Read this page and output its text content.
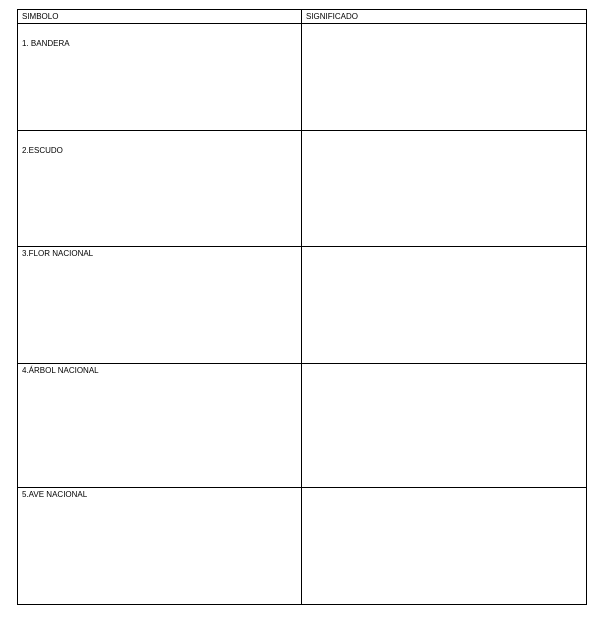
SIMBOLO	SIGNIFICADO

1. BANDERA	

2.ESCUDO	

3.FLOR NACIONAL	

4.ÁRBOL NACIONAL	

5.AVE NACIONAL	
